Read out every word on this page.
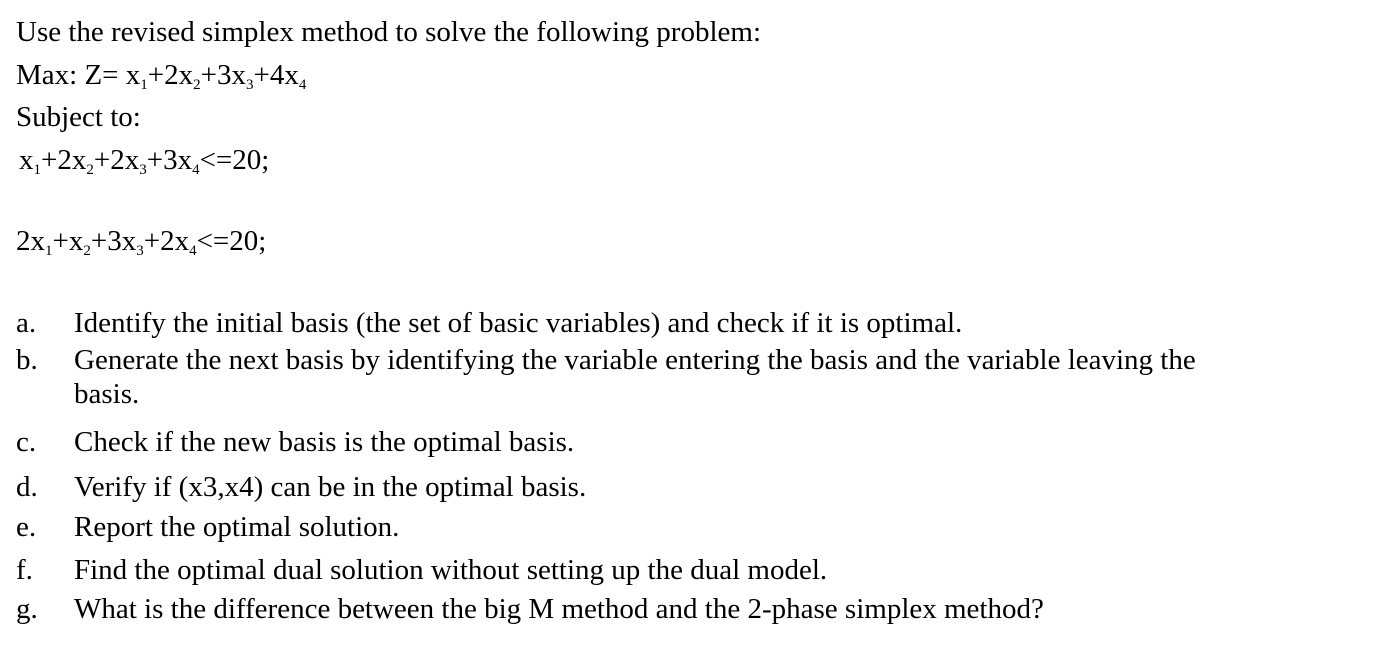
Use the revised simplex method to solve the following problem:
Max: $Z= x_1+2x_2+3x_3+4x_4$
Subject to:
$x_1+2x_2+2x_3+3x_4<=20$;
$2x_1+x_2+3x_3+2x_4<=20$;
a. Identify the initial basis (the set of basic variables) and check if it is optimal.
b. Generate the next basis by identifying the variable entering the basis and the variable leaving the
basis.
c. Check if the new basis is the optimal basis.
d. Verify if (x3,x4) can be in the optimal basis.
e. Report the optimal solution.
f. Find the optimal dual solution without setting up the dual model.
g. What is the difference between the big M method and the 2-phase simplex method?
